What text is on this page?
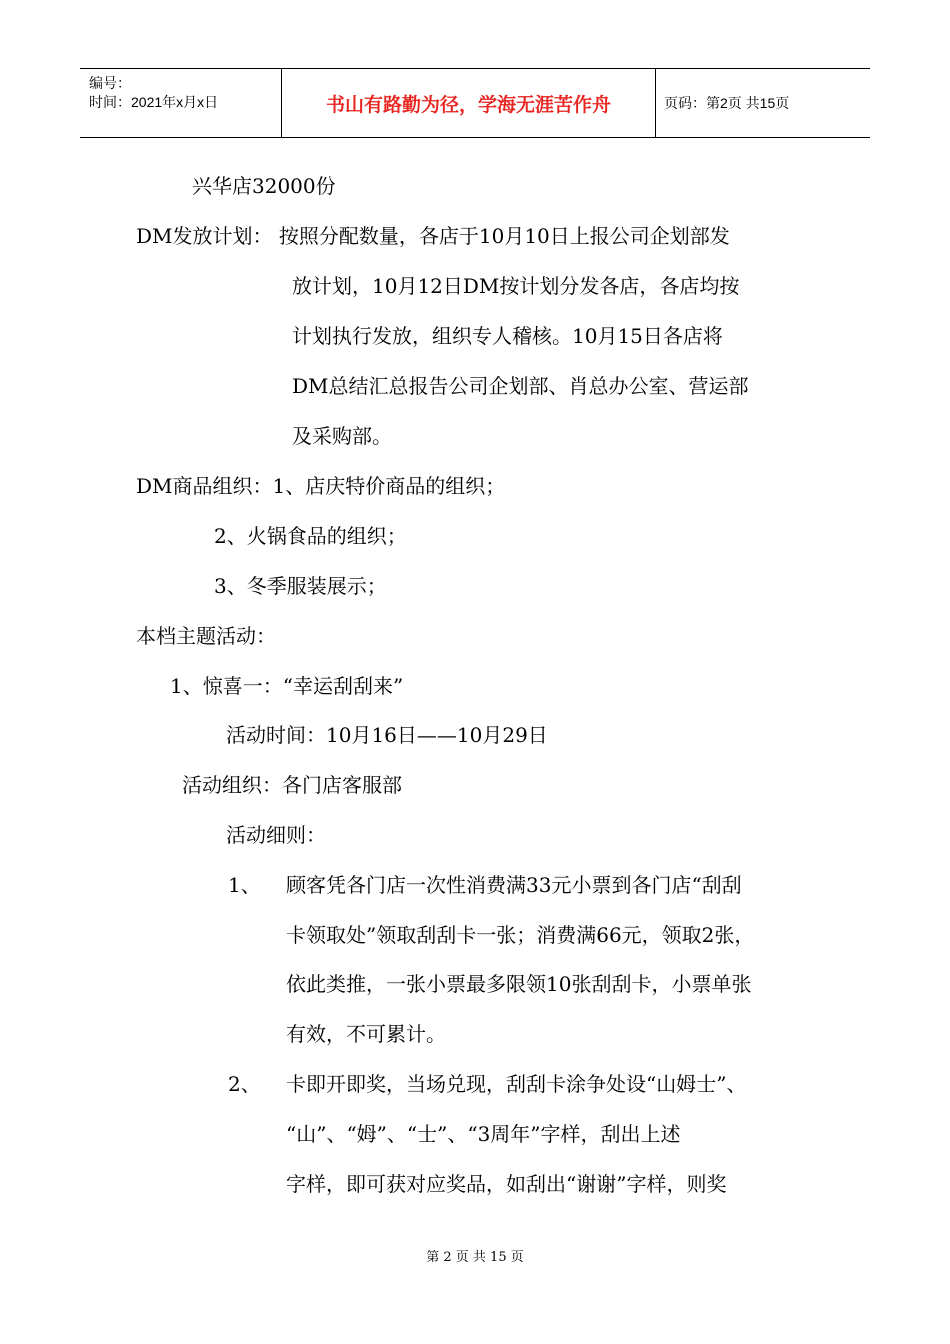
编号：
时间：2021年x月x日	书山有路勤为径，学海无涯苦作舟	页码：第2页 共15页
兴华店32000份
DM发放计划： 按照分配数量，各店于10月10日上报公司企划部发
放计划，10月12日DM按计划分发各店，各店均按
计划执行发放，组织专人稽核。10月15日各店将
DM总结汇总报告公司企划部、肖总办公室、营运部
及采购部。
DM商品组织：1、店庆特价商品的组织；
2、火锅食品的组织；
3、冬季服装展示；
本档主题活动：
1、惊喜一：“幸运刮刮来”
活动时间：10月16日——10月29日
活动组织：各门店客服部
活动细则：
1、 顾客凭各门店一次性消费满33元小票到各门店“刮刮
卡领取处”领取刮刮卡一张；消费满66元，领取2张，
依此类推，一张小票最多限领10张刮刮卡，小票单张
有效，不可累计。
2、 卡即开即奖，当场兑现，刮刮卡涂争处设“山姆士”、
“山”、“姆”、“士”、“3周年”字样，刮出上述
字样，即可获对应奖品，如刮出“谢谢”字样，则奖
第 2 页 共 15 页
